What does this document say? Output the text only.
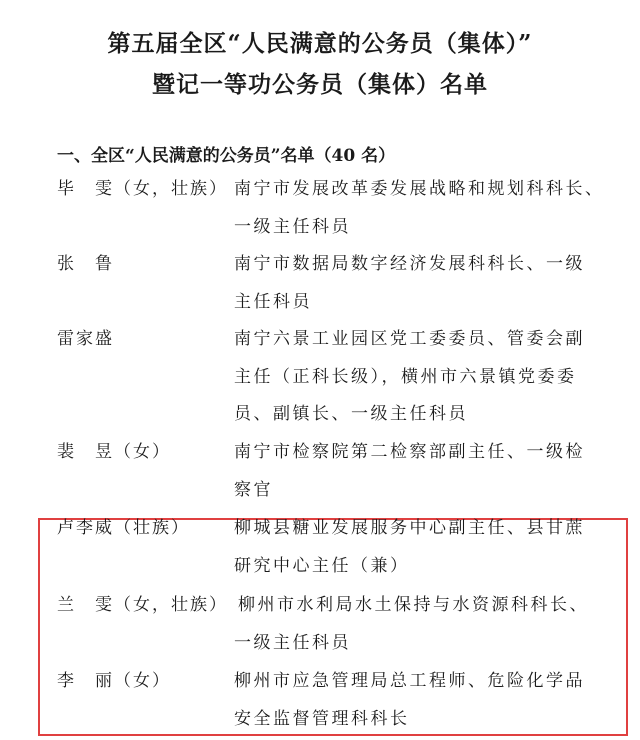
第五届全区“人民满意的公务员（集体）”
暨记一等功公务员（集体）名单
一、全区“人民满意的公务员”名单（40 名）
毕　雯（女，壮族） 南宁市发展改革委发展战略和规划科科长、
一级主任科员
张　鲁	南宁市数据局数字经济发展科科长、一级
主任科员
雷家盛	南宁六景工业园区党工委委员、管委会副
主任（正科长级），横州市六景镇党委委
员、副镇长、一级主任科员
裴　昱（女）	南宁市检察院第二检察部副主任、一级检
察官
卢李威（壮族）	柳城县糖业发展服务中心副主任、县甘蔗
研究中心主任（兼）
兰　雯（女，壮族） 柳州市水利局水土保持与水资源科科长、
一级主任科员
李　丽（女）	柳州市应急管理局总工程师、危险化学品
安全监督管理科科长
